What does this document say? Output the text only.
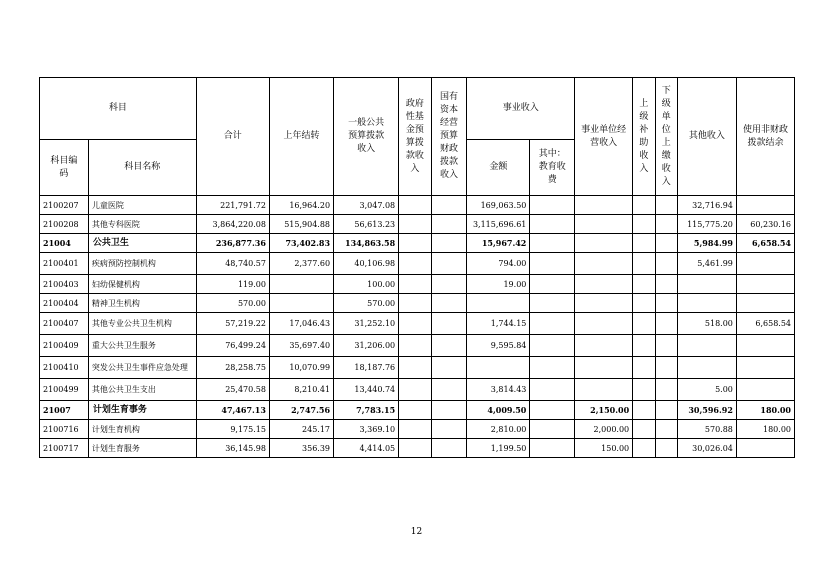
科目		合计	上年结转	一般公共预算拨款收入	政府性基金预算拨款收入	国有资本经营预算财政拨款收入	事业收入		事业单位经营收入	上级补助收入	下级单位上缴收入	其他收入	使用非财政拨款结余
科目编码	科目名称						金额	其中：教育收费					
2100207	儿童医院	221,791.72	16,964.20	3,047.08			169,063.50					32,716.94	
2100208	其他专科医院	3,864,220.08	515,904.88	56,613.23			3,115,696.61					115,775.20	60,230.16
21004	公共卫生	236,877.36	73,402.83	134,863.58			15,967.42					5,984.99	6,658.54
2100401	疾病预防控制机构	48,740.57	2,377.60	40,106.98			794.00					5,461.99	
2100403	妇幼保健机构	119.00		100.00			19.00						
2100404	精神卫生机构	570.00		570.00									
2100407	其他专业公共卫生机构	57,219.22	17,046.43	31,252.10			1,744.15					518.00	6,658.54
2100409	重大公共卫生服务	76,499.24	35,697.40	31,206.00			9,595.84						
2100410	突发公共卫生事件应急处理	28,258.75	10,070.99	18,187.76									
2100499	其他公共卫生支出	25,470.58	8,210.41	13,440.74			3,814.43					5.00	
21007	计划生育事务	47,467.13	2,747.56	7,783.15			4,009.50		2,150.00			30,596.92	180.00
2100716	计划生育机构	9,175.15	245.17	3,369.10			2,810.00		2,000.00			570.88	180.00
2100717	计划生育服务	36,145.98	356.39	4,414.05			1,199.50		150.00			30,026.04	
12
